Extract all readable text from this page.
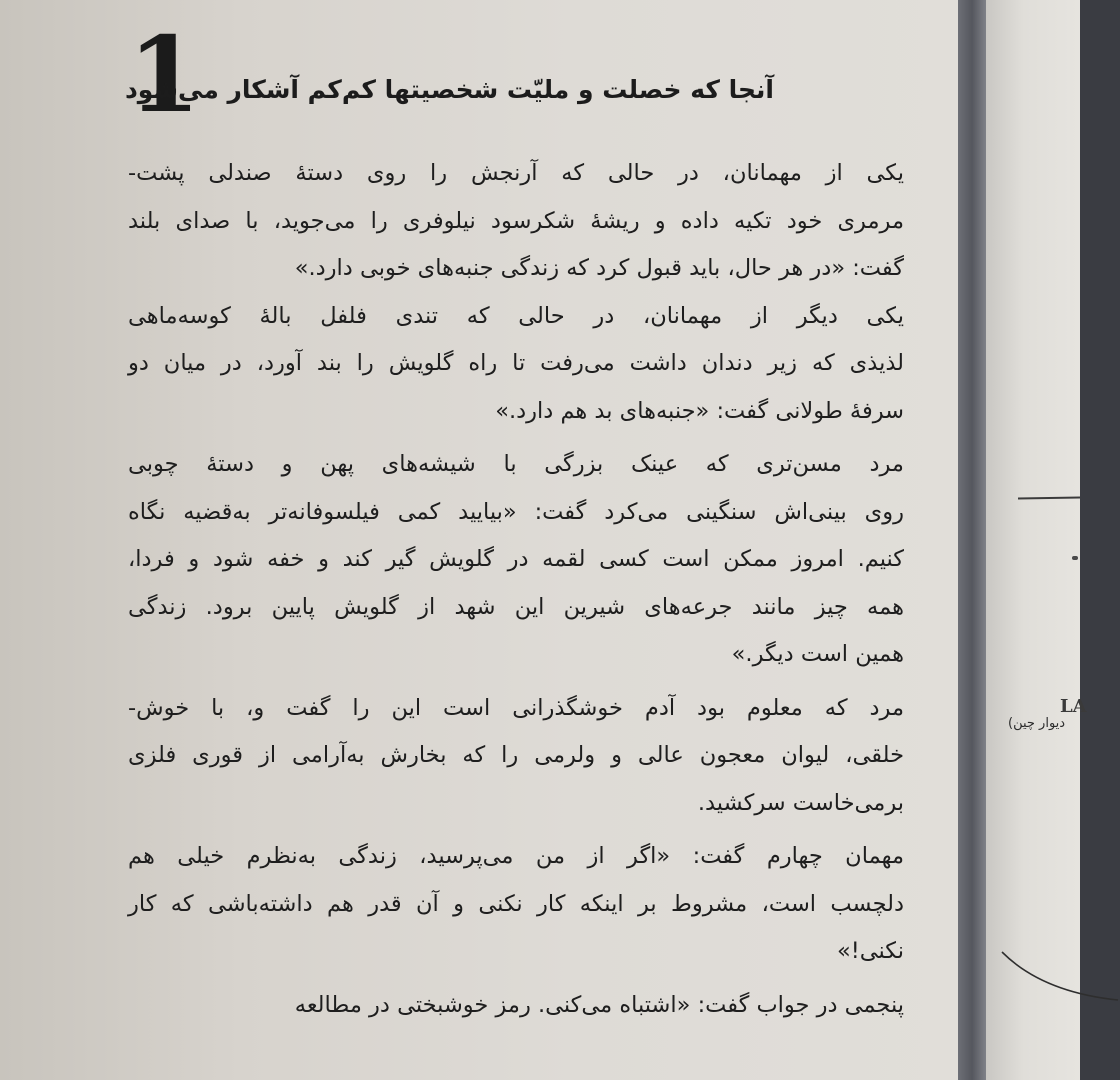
1
آنجا که خصلت و ملیّت شخصیتها کم‌کم آشکار می‌شود
یکی از مهمانان، در حالی که آرنجش را روی دستهٔ صندلی پشت-
مرمری خود تکیه داده و ریشهٔ شکرسود نیلوفری را می‌جوید، با صدای بلند
گفت: «در هر حال، باید قبول کرد که زندگی جنبه‌های خوبی دارد.»
یکی دیگر از مهمانان، در حالی که تندی فلفل بالهٔ کوسه‌ماهی
لذیذی که زیر دندان داشت می‌رفت تا راه گلویش را بند آورد، در میان دو
سرفهٔ طولانی گفت: «جنبه‌های بد هم دارد.»
مرد مسن‌تری که عینک بزرگی با شیشه‌های پهن و دستهٔ چوبی
روی بینی‌اش سنگینی می‌کرد گفت: «بیایید کمی فیلسوفانه‌تر به‌قضیه نگاه
کنیم. امروز ممکن است کسی لقمه در گلویش گیر کند و خفه شود و فردا،
همه چیز مانند جرعه‌های شیرین این شهد از گلویش پایین برود. زندگی
همین است دیگر.»
مرد که معلوم بود آدم خوشگذرانی است این را گفت و، با خوش-
خلقی، لیوان معجون عالی و ولرمی را که بخارش به‌آرامی از قوری فلزی
برمی‌خاست سرکشید.
مهمان چهارم گفت: «اگر از من می‌پرسید، زندگی به‌نظرم خیلی هم
دلچسب است، مشروط بر اینکه کار نکنی و آن قدر هم داشته‌باشی که کار
نکنی!»
پنجمی در جواب گفت: «اشتباه می‌کنی. رمز خوشبختی در مطالعه
LA
دیوار چین)
